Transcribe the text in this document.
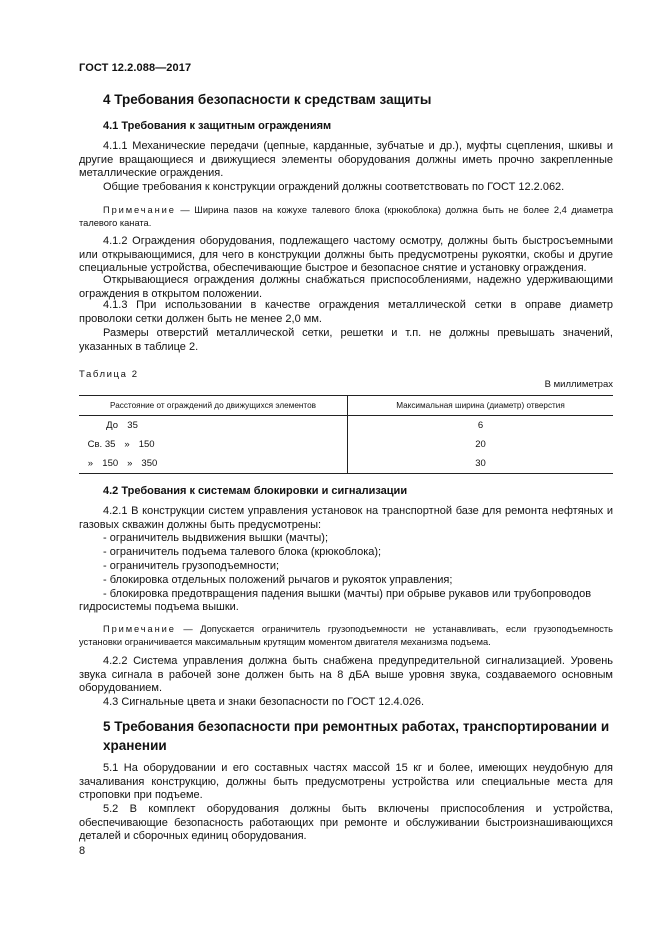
ГОСТ 12.2.088—2017
4 Требования безопасности к средствам защиты
4.1 Требования к защитным ограждениям

4.1.1 Механические передачи (цепные, карданные, зубчатые и др.), муфты сцепления, шкивы и другие вращающиеся и движущиеся элементы оборудования должны иметь прочно закрепленные металлические ограждения.

Общие требования к конструкции ограждений должны соответствовать по ГОСТ 12.2.062.

Примечание — Ширина пазов на кожухе талевого блока (крюкоблока) должна быть не более 2,4 диаметра талевого каната.

4.1.2 Ограждения оборудования, подлежащего частому осмотру, должны быть быстросъемными или открывающимися, для чего в конструкции должны быть предусмотрены рукоятки, скобы и другие специальные устройства, обеспечивающие быстрое и безопасное снятие и установку ограждения.

Открывающиеся ограждения должны снабжаться приспособлениями, надежно удерживающими ограждения в открытом положении.

4.1.3 При использовании в качестве ограждения металлической сетки в оправе диаметр проволоки сетки должен быть не менее 2,0 мм.

Размеры отверстий металлической сетки, решетки и т.п. не должны превышать значений, указанных в таблице 2.

Таблица 2
В миллиметрах
Расстояние от ограждений до движущихся элементов	Максимальная ширина (диаметр) отверстия
До 35	6
Св. 35 » 150	20
» 150 » 350	30
4.2 Требования к системам блокировки и сигнализации

4.2.1 В конструкции систем управления установок на транспортной базе для ремонта нефтяных и газовых скважин должны быть предусмотрены:

- ограничитель выдвижения вышки (мачты);
- ограничитель подъема талевого блока (крюкоблока);
- ограничитель грузоподъемности;
- блокировка отдельных положений рычагов и рукояток управления;
- блокировка предотвращения падения вышки (мачты) при обрыве рукавов или трубопроводов
гидросистемы подъема вышки.

Примечание — Допускается ограничитель грузоподъемности не устанавливать, если грузоподъемность установки ограничивается максимальным крутящим моментом двигателя механизма подъема.

4.2.2 Система управления должна быть снабжена предупредительной сигнализацией. Уровень звука сигнала в рабочей зоне должен быть на 8 дБА выше уровня звука, создаваемого основным оборудованием.

4.3 Сигнальные цвета и знаки безопасности по ГОСТ 12.4.026.

5 Требования безопасности при ремонтных работах, транспортировании и хранении

5.1 На оборудовании и его составных частях массой 15 кг и более, имеющих неудобную для зачаливания конструкцию, должны быть предусмотрены устройства или специальные места для строповки при подъеме.

5.2 В комплект оборудования должны быть включены приспособления и устройства, обеспечивающие безопасность работающих при ремонте и обслуживании быстроизнашивающихся деталей и сборочных единиц оборудования.

8
